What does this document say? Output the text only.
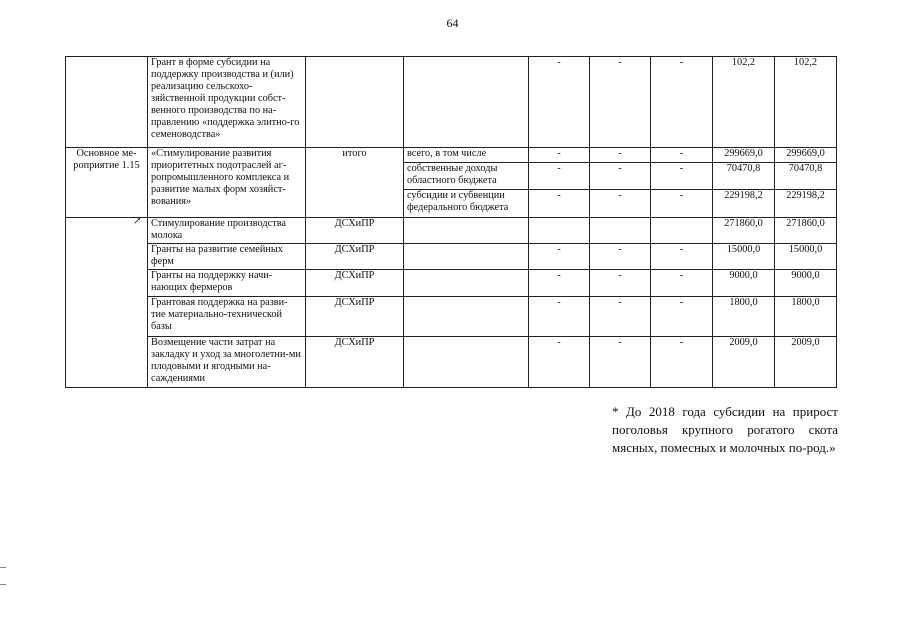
64
	Грант в форме субсидии на поддержку производства и (или) реализацию сельскохо-зяйственной продукции собст-венного производства по на-правлению «поддержка элитно-го семеноводства»			-	-	-	102,2	102,2
Основное ме-роприятие 1.15	«Стимулирование развития приоритетных подотраслей аг-ропромышленного комплекса и развитие малых форм хозяйст-вования»	итого	всего, в том числе	-	-	-	299669,0	299669,0
			собственные доходы областного бюджета	-	-	-	70470,8	70470,8
			субсидии и субвенции федерального бюджета	-	-	-	229198,2	229198,2
	Стимулирование производства молока	ДСХиПР					271860,0	271860,0
	Гранты на развитие семейных ферм	ДСХиПР		-	-	-	15000,0	15000,0
	Гранты на поддержку начи-нающих фермеров	ДСХиПР		-	-	-	9000,0	9000,0
	Грантовая поддержка на разви-тие материально-технической базы	ДСХиПР		-	-	-	1800,0	1800,0
	Возмещение части затрат на закладку и уход за многолетни-ми плодовыми и ягодными на-саждениями	ДСХиПР		-	-	-	2009,0	2009,0
↗
* До 2018 года субсидии на прирост поголовья крупного рогатого скота мясных, помесных и молочных по-род.»
